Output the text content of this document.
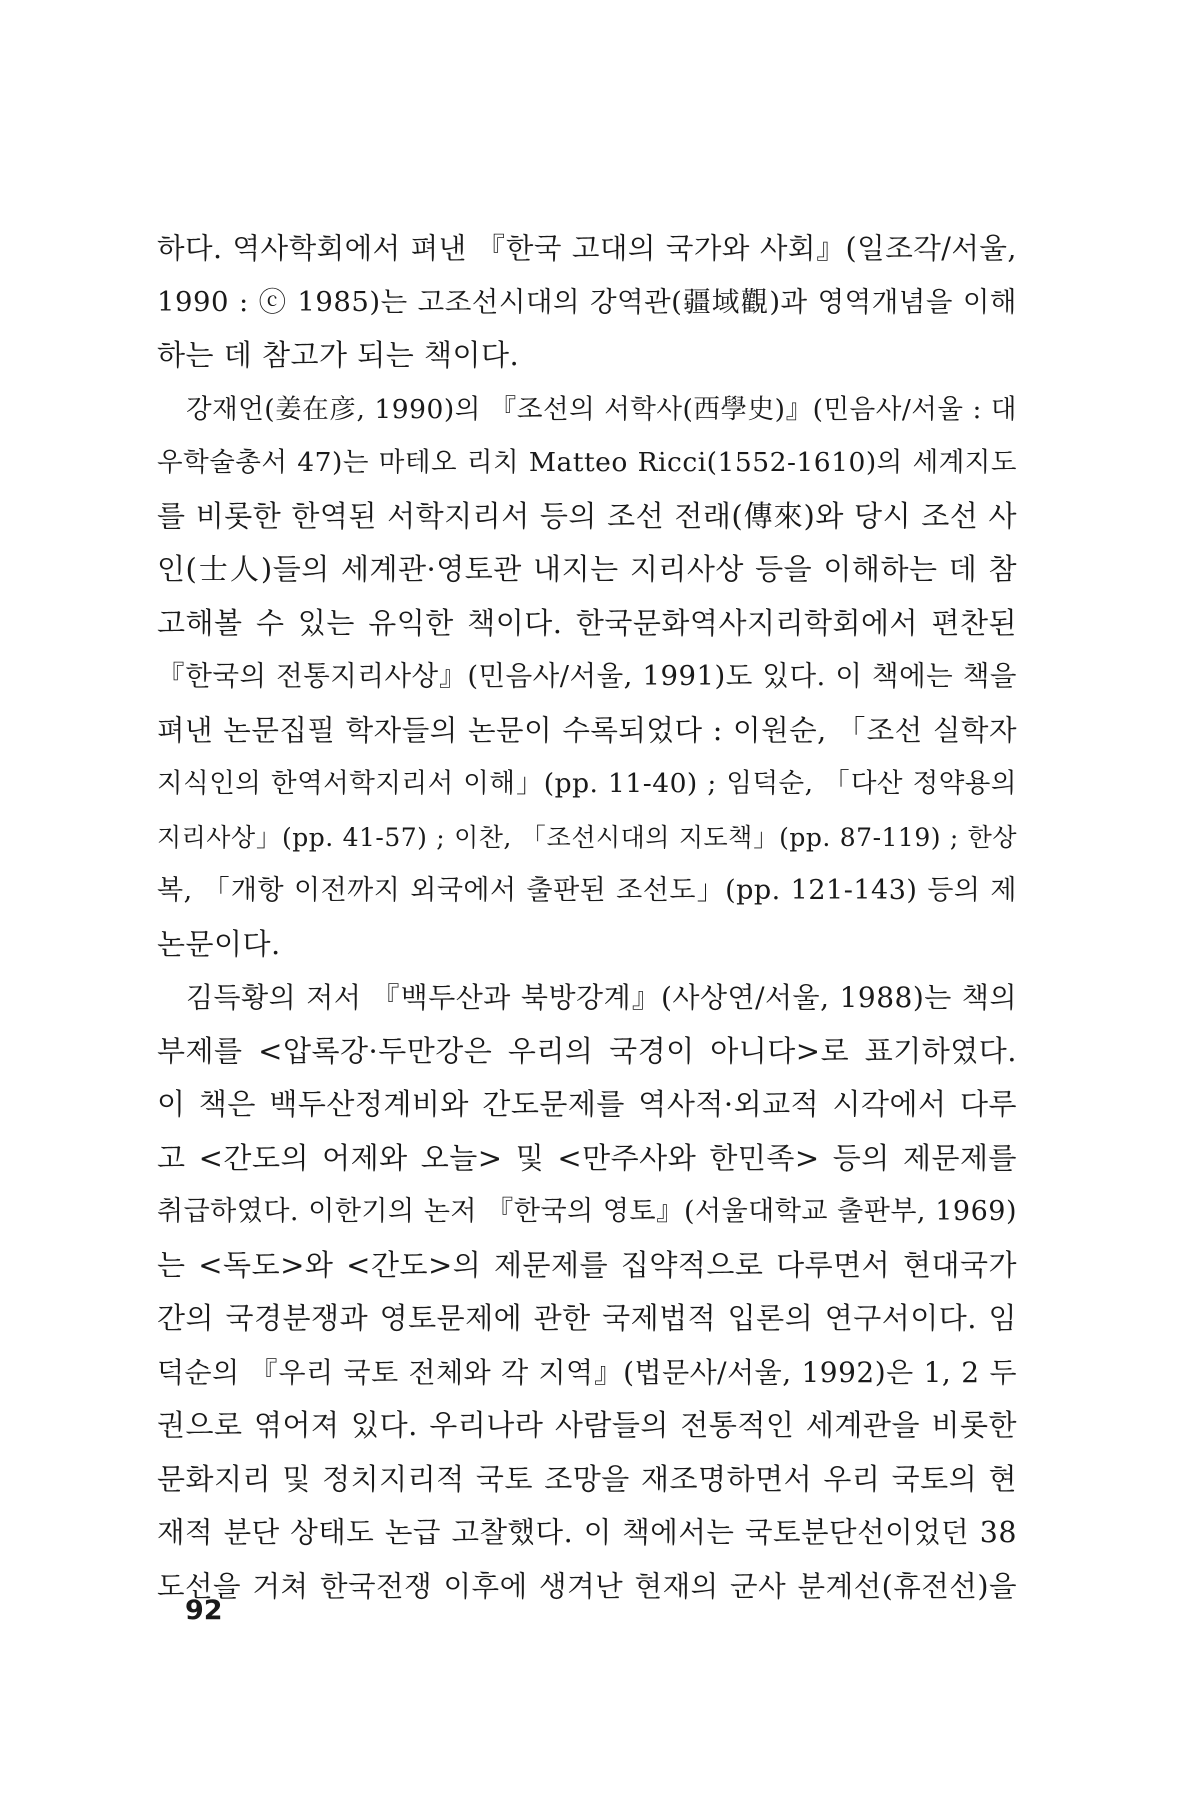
하다. 역사학회에서 펴낸 『한국 고대의 국가와 사회』(일조각/서울,
1990 : ⓒ 1985)는 고조선시대의 강역관(疆域觀)과 영역개념을 이해
하는 데 참고가 되는 책이다.
강재언(姜在彦, 1990)의 『조선의 서학사(西學史)』(민음사/서울 : 대
우학술총서 47)는 마테오 리치 Matteo Ricci(1552-1610)의 세계지도
를 비롯한 한역된 서학지리서 등의 조선 전래(傳來)와 당시 조선 사
인(士人)들의 세계관·영토관 내지는 지리사상 등을 이해하는 데 참
고해볼 수 있는 유익한 책이다. 한국문화역사지리학회에서 편찬된
『한국의 전통지리사상』(민음사/서울, 1991)도 있다. 이 책에는 책을
펴낸 논문집필 학자들의 논문이 수록되었다 : 이원순, 「조선 실학자
지식인의 한역서학지리서 이해」(pp. 11-40) ; 임덕순, 「다산 정약용의
지리사상」(pp. 41-57) ; 이찬, 「조선시대의 지도책」(pp. 87-119) ; 한상
복, 「개항 이전까지 외국에서 출판된 조선도」(pp. 121-143) 등의 제
논문이다.
김득황의 저서 『백두산과 북방강계』(사상연/서울, 1988)는 책의
부제를 <압록강·두만강은 우리의 국경이 아니다>로 표기하였다.
이 책은 백두산정계비와 간도문제를 역사적·외교적 시각에서 다루
고 <간도의 어제와 오늘> 및 <만주사와 한민족> 등의 제문제를
취급하였다. 이한기의 논저 『한국의 영토』(서울대학교 출판부, 1969)
는 <독도>와 <간도>의 제문제를 집약적으로 다루면서 현대국가
간의 국경분쟁과 영토문제에 관한 국제법적 입론의 연구서이다. 임
덕순의 『우리 국토 전체와 각 지역』(법문사/서울, 1992)은 1, 2 두
권으로 엮어져 있다. 우리나라 사람들의 전통적인 세계관을 비롯한
문화지리 및 정치지리적 국토 조망을 재조명하면서 우리 국토의 현
재적 분단 상태도 논급 고찰했다. 이 책에서는 국토분단선이었던 38
도선을 거쳐 한국전쟁 이후에 생겨난 현재의 군사 분계선(휴전선)을
92
